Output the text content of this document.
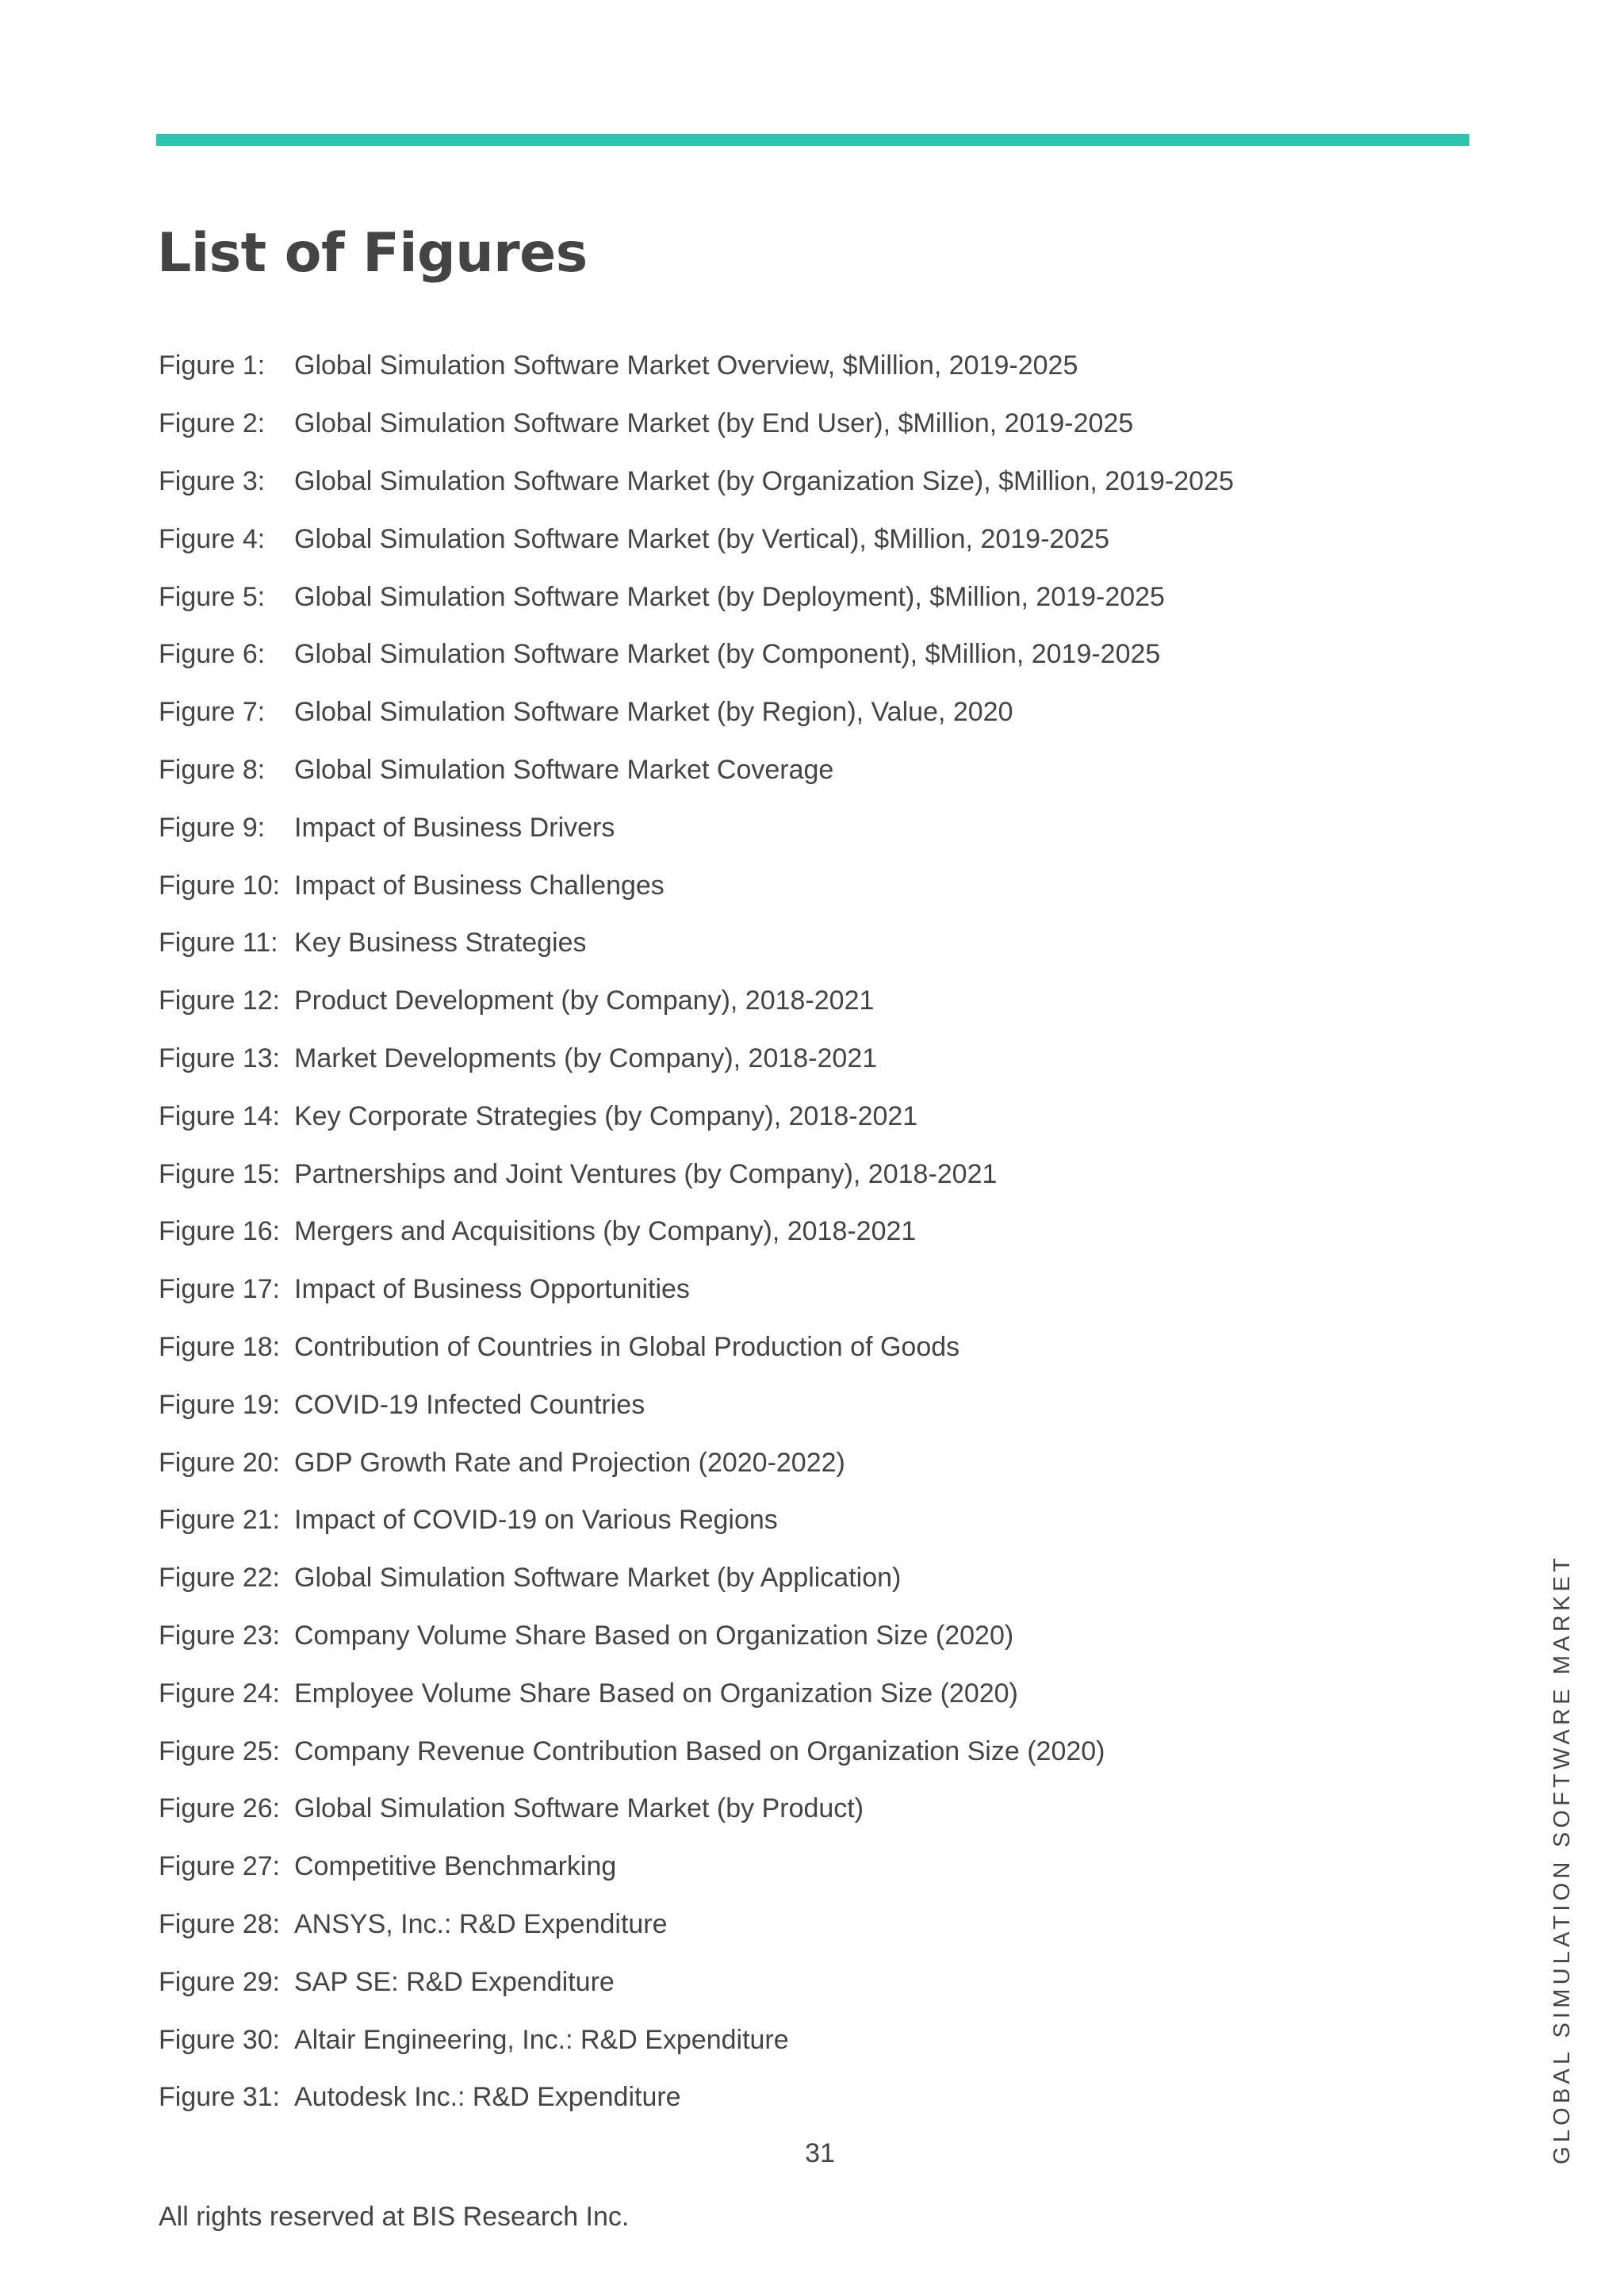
List of Figures
Figure 1:	Global Simulation Software Market Overview, $Million, 2019-2025
Figure 2:	Global Simulation Software Market (by End User), $Million, 2019-2025
Figure 3:	Global Simulation Software Market (by Organization Size), $Million, 2019-2025
Figure 4:	Global Simulation Software Market (by Vertical), $Million, 2019-2025
Figure 5:	Global Simulation Software Market (by Deployment), $Million, 2019-2025
Figure 6:	Global Simulation Software Market (by Component), $Million, 2019-2025
Figure 7:	Global Simulation Software Market (by Region), Value, 2020
Figure 8:	Global Simulation Software Market Coverage
Figure 9:	Impact of Business Drivers
Figure 10: Impact of Business Challenges
Figure 11: Key Business Strategies
Figure 12: Product Development (by Company), 2018-2021
Figure 13: Market Developments (by Company), 2018-2021
Figure 14: Key Corporate Strategies (by Company), 2018-2021
Figure 15: Partnerships and Joint Ventures (by Company), 2018-2021
Figure 16: Mergers and Acquisitions (by Company), 2018-2021
Figure 17: Impact of Business Opportunities
Figure 18: Contribution of Countries in Global Production of Goods
Figure 19: COVID-19 Infected Countries
Figure 20: GDP Growth Rate and Projection (2020-2022)
Figure 21: Impact of COVID-19 on Various Regions
Figure 22: Global Simulation Software Market (by Application)
Figure 23: Company Volume Share Based on Organization Size (2020)
Figure 24: Employee Volume Share Based on Organization Size (2020)
Figure 25: Company Revenue Contribution Based on Organization Size (2020)
Figure 26: Global Simulation Software Market (by Product)
Figure 27: Competitive Benchmarking
Figure 28: ANSYS, Inc.: R&D Expenditure
Figure 29: SAP SE: R&D Expenditure
Figure 30: Altair Engineering, Inc.: R&D Expenditure
Figure 31: Autodesk Inc.: R&D Expenditure
31
All rights reserved at BIS Research Inc.
GLOBAL SIMULATION SOFTWARE MARKET
